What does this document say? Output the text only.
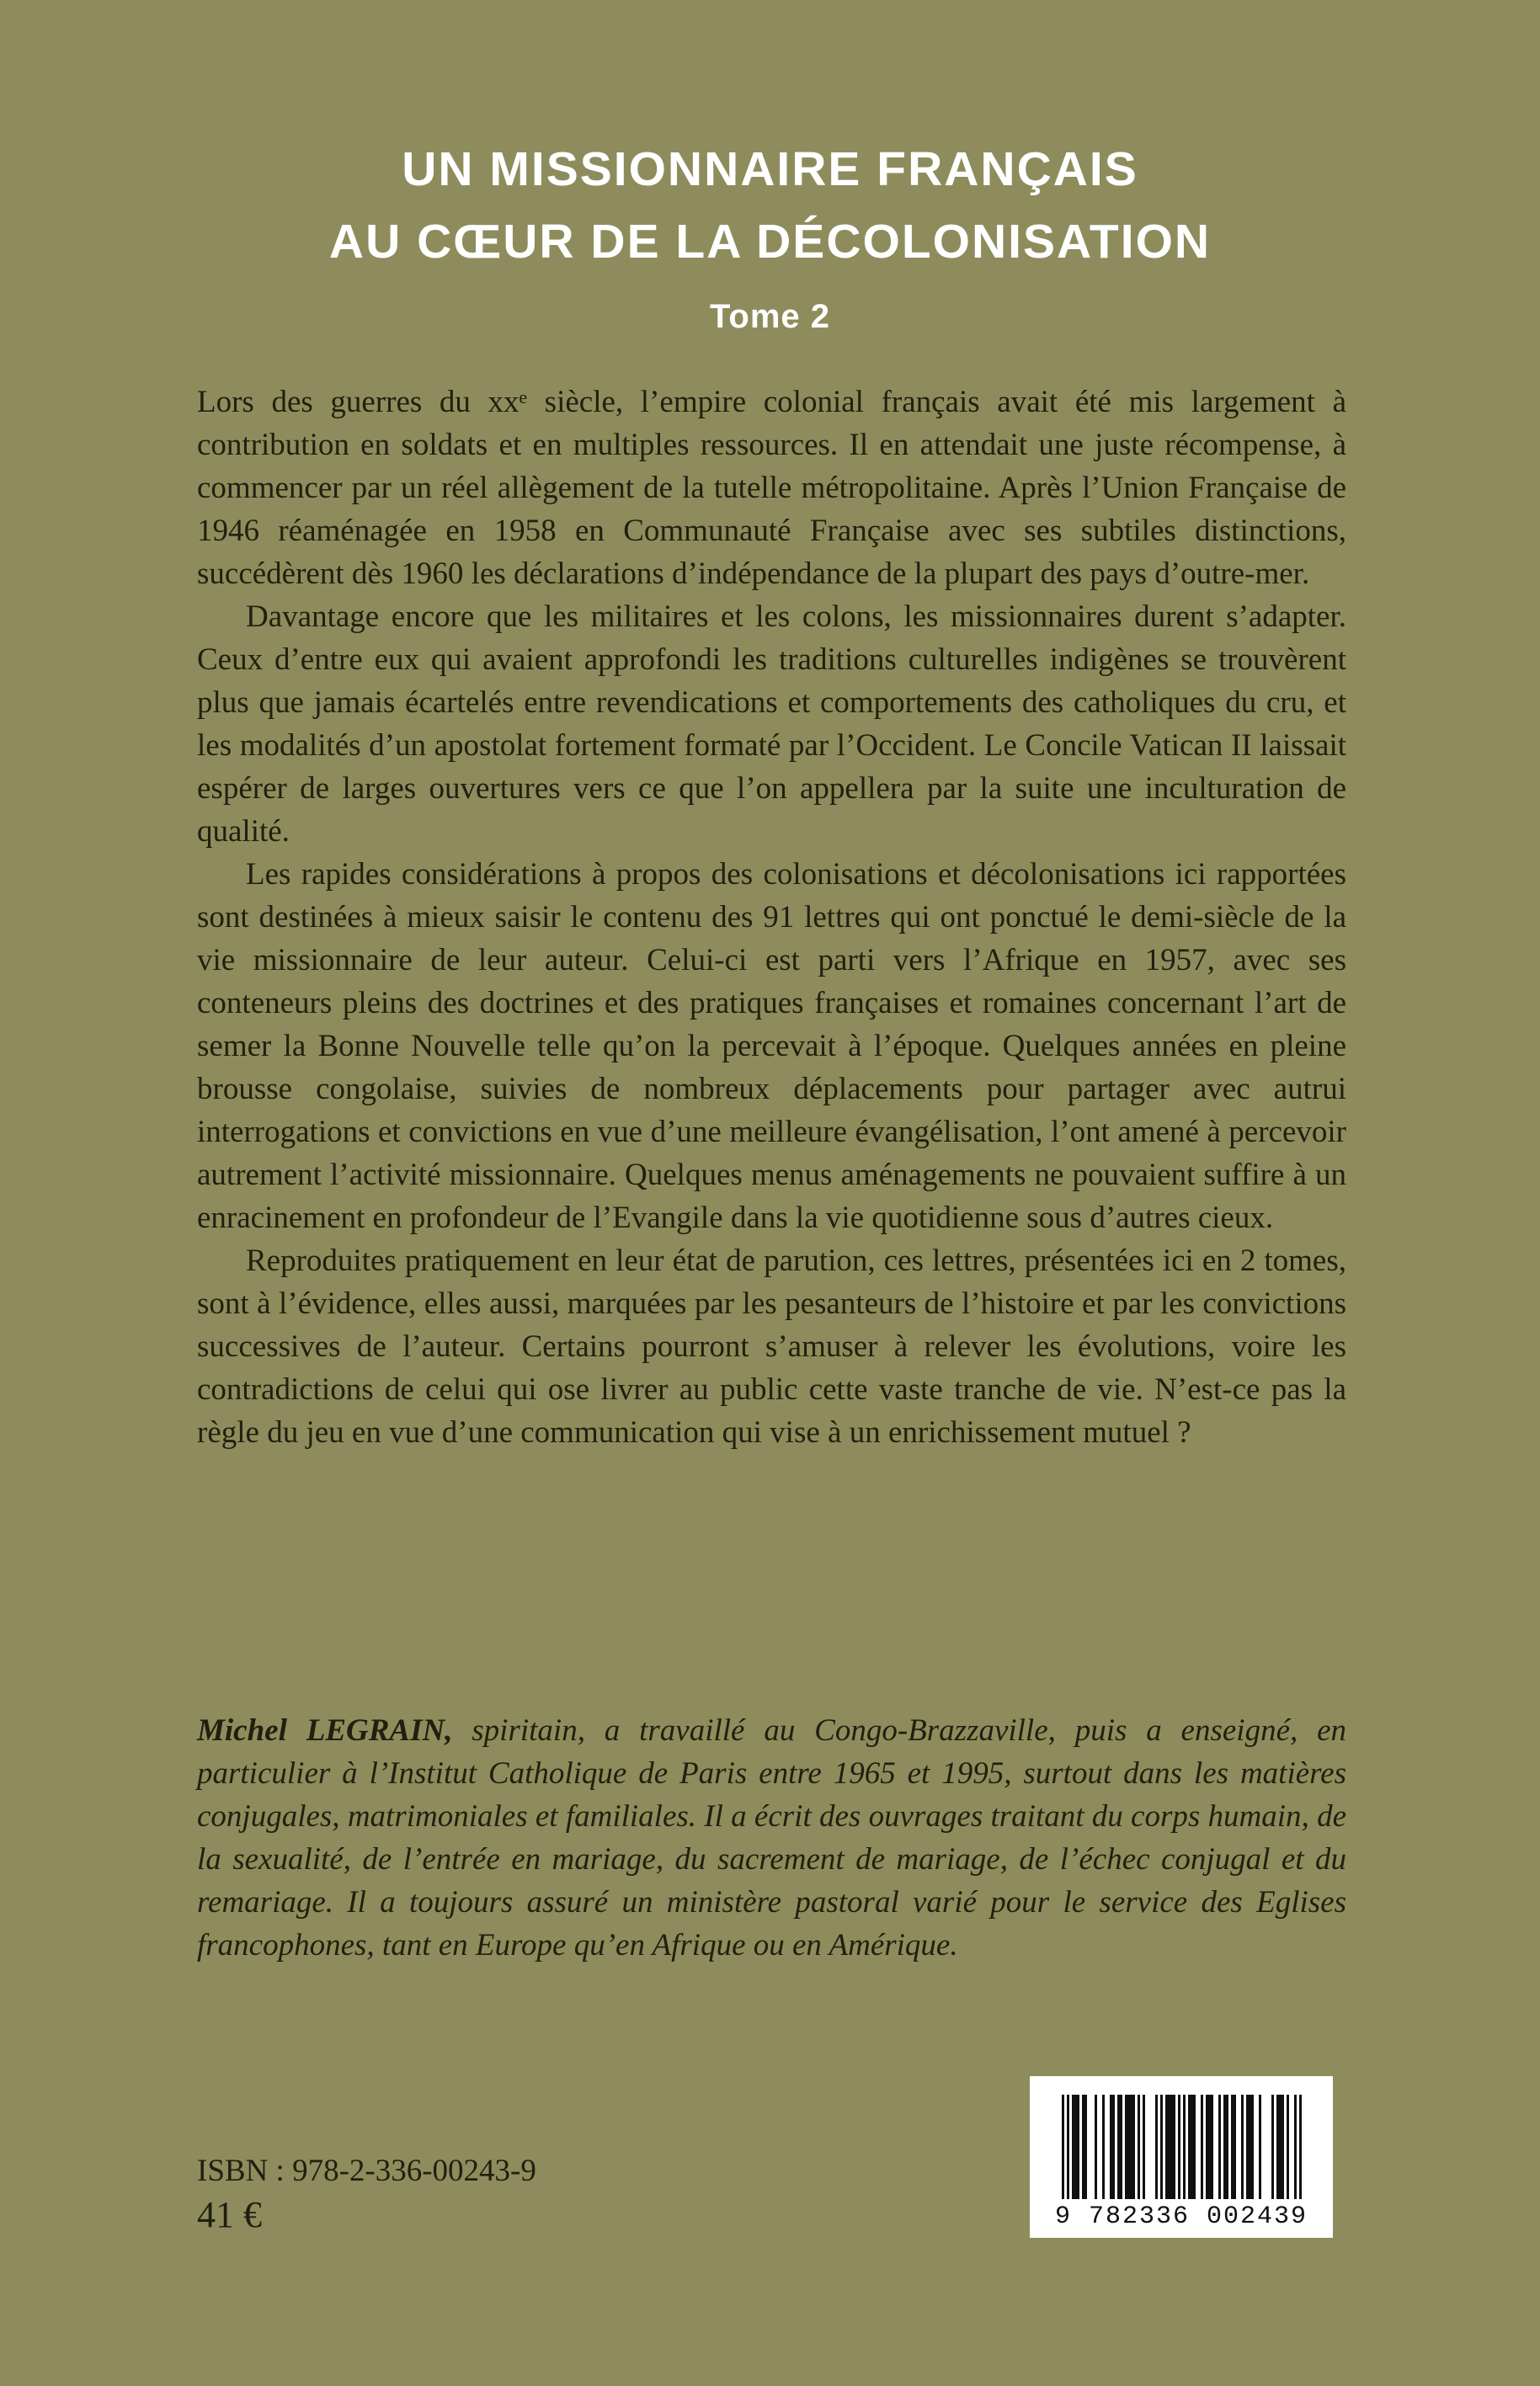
UN MISSIONNAIRE FRANÇAIS
AU CŒUR DE LA DÉCOLONISATION
Tome 2

Lors des guerres du xxᵉ siècle, l’empire colonial français avait été mis largement à contribution en soldats et en multiples ressources. Il en attendait une juste récompense, à commencer par un réel allègement de la tutelle métropolitaine. Après l’Union Française de 1946 réaménagée en 1958 en Communauté Française avec ses subtiles distinctions, succédèrent dès 1960 les déclarations d’indépendance de la plupart des pays d’outre-mer.

Davantage encore que les militaires et les colons, les missionnaires durent s’adapter. Ceux d’entre eux qui avaient approfondi les traditions culturelles indigènes se trouvèrent plus que jamais écartelés entre revendications et comportements des catholiques du cru, et les modalités d’un apostolat fortement formaté par l’Occident. Le Concile Vatican II laissait espérer de larges ouvertures vers ce que l’on appellera par la suite une inculturation de qualité.

Les rapides considérations à propos des colonisations et décolonisations ici rapportées sont destinées à mieux saisir le contenu des 91 lettres qui ont ponctué le demi-siècle de la vie missionnaire de leur auteur. Celui-ci est parti vers l’Afrique en 1957, avec ses conteneurs pleins des doctrines et des pratiques françaises et romaines concernant l’art de semer la Bonne Nouvelle telle qu’on la percevait à l’époque. Quelques années en pleine brousse congolaise, suivies de nombreux déplacements pour partager avec autrui interrogations et convictions en vue d’une meilleure évangélisation, l’ont amené à percevoir autrement l’activité missionnaire. Quelques menus aménagements ne pouvaient suffire à un enracinement en profondeur de l’Evangile dans la vie quotidienne sous d’autres cieux.

Reproduites pratiquement en leur état de parution, ces lettres, présentées ici en 2 tomes, sont à l’évidence, elles aussi, marquées par les pesanteurs de l’histoire et par les convictions successives de l’auteur. Certains pourront s’amuser à relever les évolutions, voire les contradictions de celui qui ose livrer au public cette vaste tranche de vie. N’est-ce pas la règle du jeu en vue d’une communication qui vise à un enrichissement mutuel ?

Michel LEGRAIN, spiritain, a travaillé au Congo-Brazzaville, puis a enseigné, en particulier à l’Institut Catholique de Paris entre 1965 et 1995, surtout dans les matières conjugales, matrimoniales et familiales. Il a écrit des ouvrages traitant du corps humain, de la sexualité, de l’entrée en mariage, du sacrement de mariage, de l’échec conjugal et du remariage. Il a toujours assuré un ministère pastoral varié pour le service des Eglises francophones, tant en Europe qu’en Afrique ou en Amérique.
ISBN : 978-2-336-00243-9
41 €	9 782336 002439
